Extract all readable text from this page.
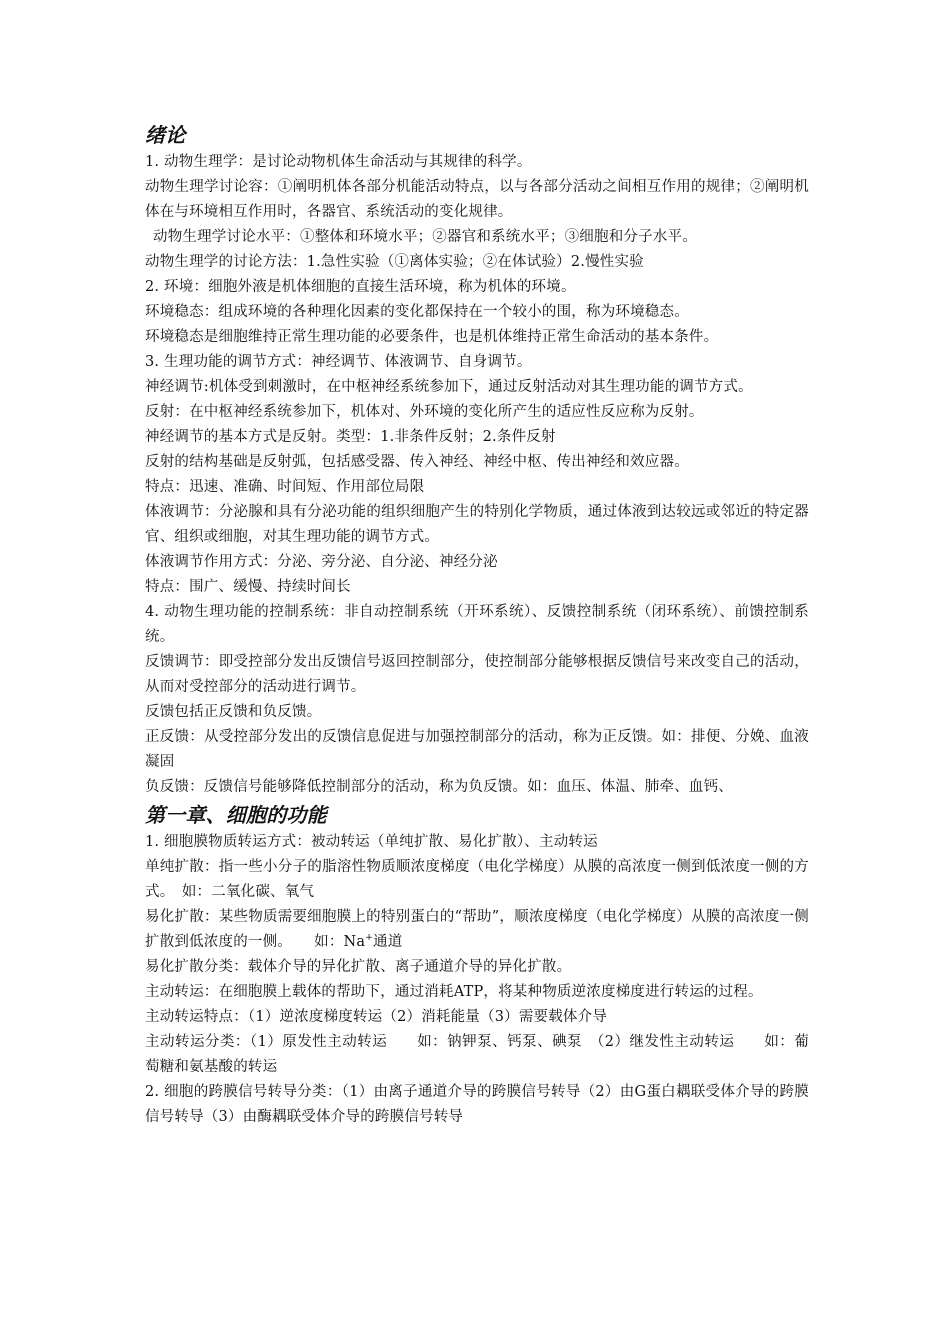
绪论

1. 动物生理学：是讨论动物机体生命活动与其规律的科学。

动物生理学讨论容：①阐明机体各部分机能活动特点，以与各部分活动之间相互作用的规律；②阐明机体在与环境相互作用时，各器官、系统活动的变化规律。

动物生理学讨论水平：①整体和环境水平；②器官和系统水平；③细胞和分子水平。

动物生理学的讨论方法：1.急性实验（①离体实验；②在体试验）2.慢性实验

2. 环境：细胞外液是机体细胞的直接生活环境，称为机体的环境。

环境稳态：组成环境的各种理化因素的变化都保持在一个较小的围，称为环境稳态。

环境稳态是细胞维持正常生理功能的必要条件，也是机体维持正常生命活动的基本条件。

3. 生理功能的调节方式：神经调节、体液调节、自身调节。

神经调节:机体受到刺激时，在中枢神经系统参加下，通过反射活动对其生理功能的调节方式。

反射：在中枢神经系统参加下，机体对、外环境的变化所产生的适应性反应称为反射。

神经调节的基本方式是反射。类型：1.非条件反射；2.条件反射

反射的结构基础是反射弧，包括感受器、传入神经、神经中枢、传出神经和效应器。

特点：迅速、准确、时间短、作用部位局限

体液调节：分泌腺和具有分泌功能的组织细胞产生的特别化学物质，通过体液到达较远或邻近的特定器官、组织或细胞，对其生理功能的调节方式。

体液调节作用方式：分泌、旁分泌、自分泌、神经分泌

特点：围广、缓慢、持续时间长

4. 动物生理功能的控制系统：非自动控制系统（开环系统）、反馈控制系统（闭环系统）、前馈控制系统。

反馈调节：即受控部分发出反馈信号返回控制部分，使控制部分能够根据反馈信号来改变自己的活动，从而对受控部分的活动进行调节。

反馈包括正反馈和负反馈。

正反馈：从受控部分发出的反馈信息促进与加强控制部分的活动，称为正反馈。如：排便、分娩、血液凝固

负反馈：反馈信号能够降低控制部分的活动，称为负反馈。如：血压、体温、肺牵、血钙、

第一章、细胞的功能

1. 细胞膜物质转运方式：被动转运（单纯扩散、易化扩散）、主动转运

单纯扩散：指一些小分子的脂溶性物质顺浓度梯度（电化学梯度）从膜的高浓度一侧到低浓度一侧的方式。　如：二氧化碳、氧气

易化扩散：某些物质需要细胞膜上的特别蛋白的“帮助”，顺浓度梯度（电化学梯度）从膜的高浓度一侧扩散到低浓度的一侧。　　如：Na+通道

易化扩散分类：载体介导的异化扩散、离子通道介导的异化扩散。

主动转运：在细胞膜上载体的帮助下，通过消耗ATP，将某种物质逆浓度梯度进行转运的过程。

主动转运特点：（1）逆浓度梯度转运（2）消耗能量（3）需要载体介导

主动转运分类：（1）原发性主动转运　　如：钠钾泵、钙泵、碘泵　（2）继发性主动转运　　如：葡萄糖和氨基酸的转运

2. 细胞的跨膜信号转导分类：（1）由离子通道介导的跨膜信号转导（2）由G蛋白耦联受体介导的跨膜信号转导（3）由酶耦联受体介导的跨膜信号转导
